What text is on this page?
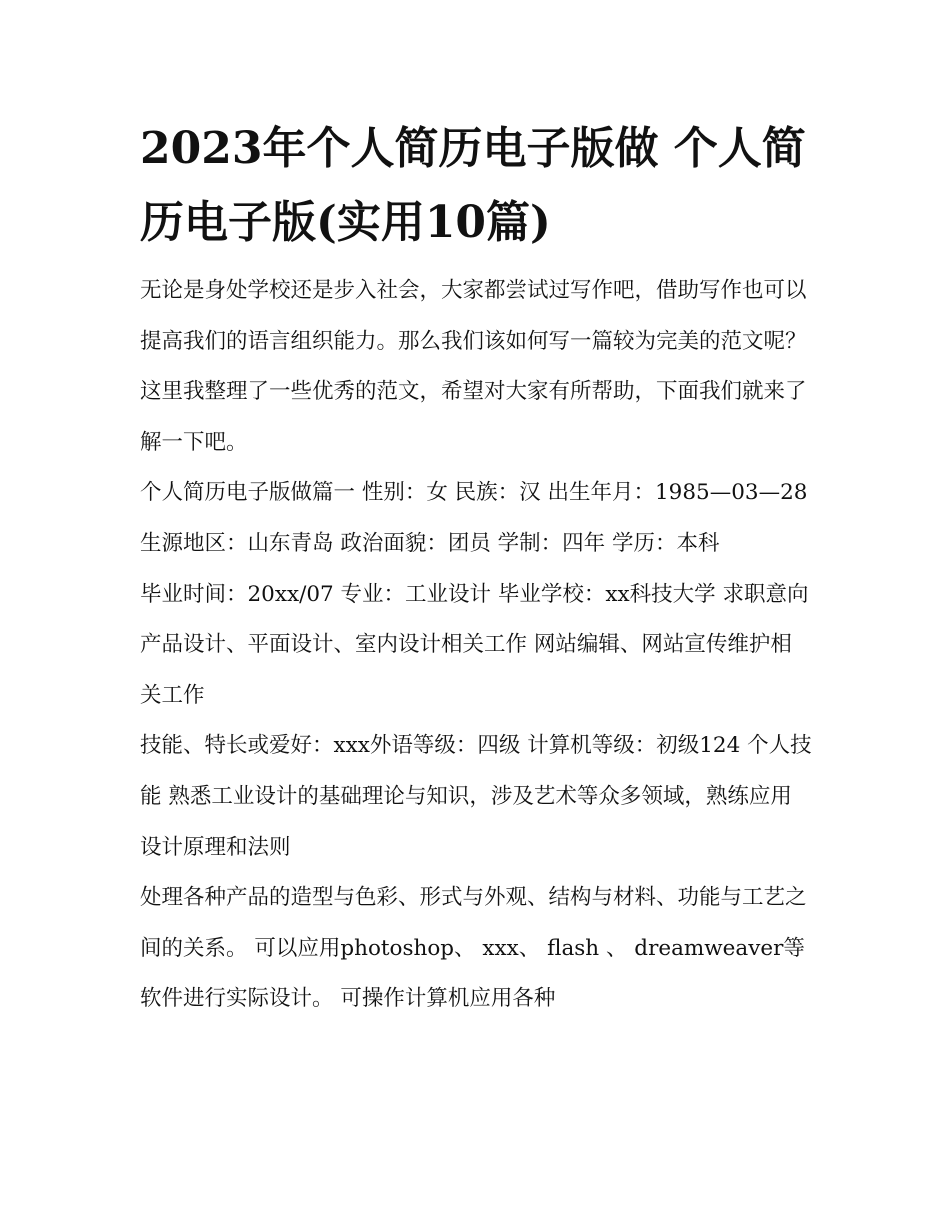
2023年个人简历电子版做 个人简历电子版(实用10篇)

无论是身处学校还是步入社会，大家都尝试过写作吧，借助写作也可以提高我们的语言组织能力。那么我们该如何写一篇较为完美的范文呢？这里我整理了一些优秀的范文，希望对大家有所帮助，下面我们就来了解一下吧。

个人简历电子版做篇一 性别：女 民族：汉 出生年月：1985—03—28 生源地区：山东青岛 政治面貌：团员 学制：四年 学历：本科

毕业时间：20xx/07 专业：工业设计 毕业学校：xx科技大学 求职意向 产品设计、平面设计、室内设计相关工作 网站编辑、网站宣传维护相关工作

技能、特长或爱好：xxx外语等级：四级 计算机等级：初级124 个人技能 熟悉工业设计的基础理论与知识，涉及艺术等众多领域，熟练应用设计原理和法则

处理各种产品的造型与色彩、形式与外观、结构与材料、功能与工艺之间的关系。 可以应用photoshop、 xxx、 flash 、 dreamweaver等软件进行实际设计。 可操作计算机应用各种
